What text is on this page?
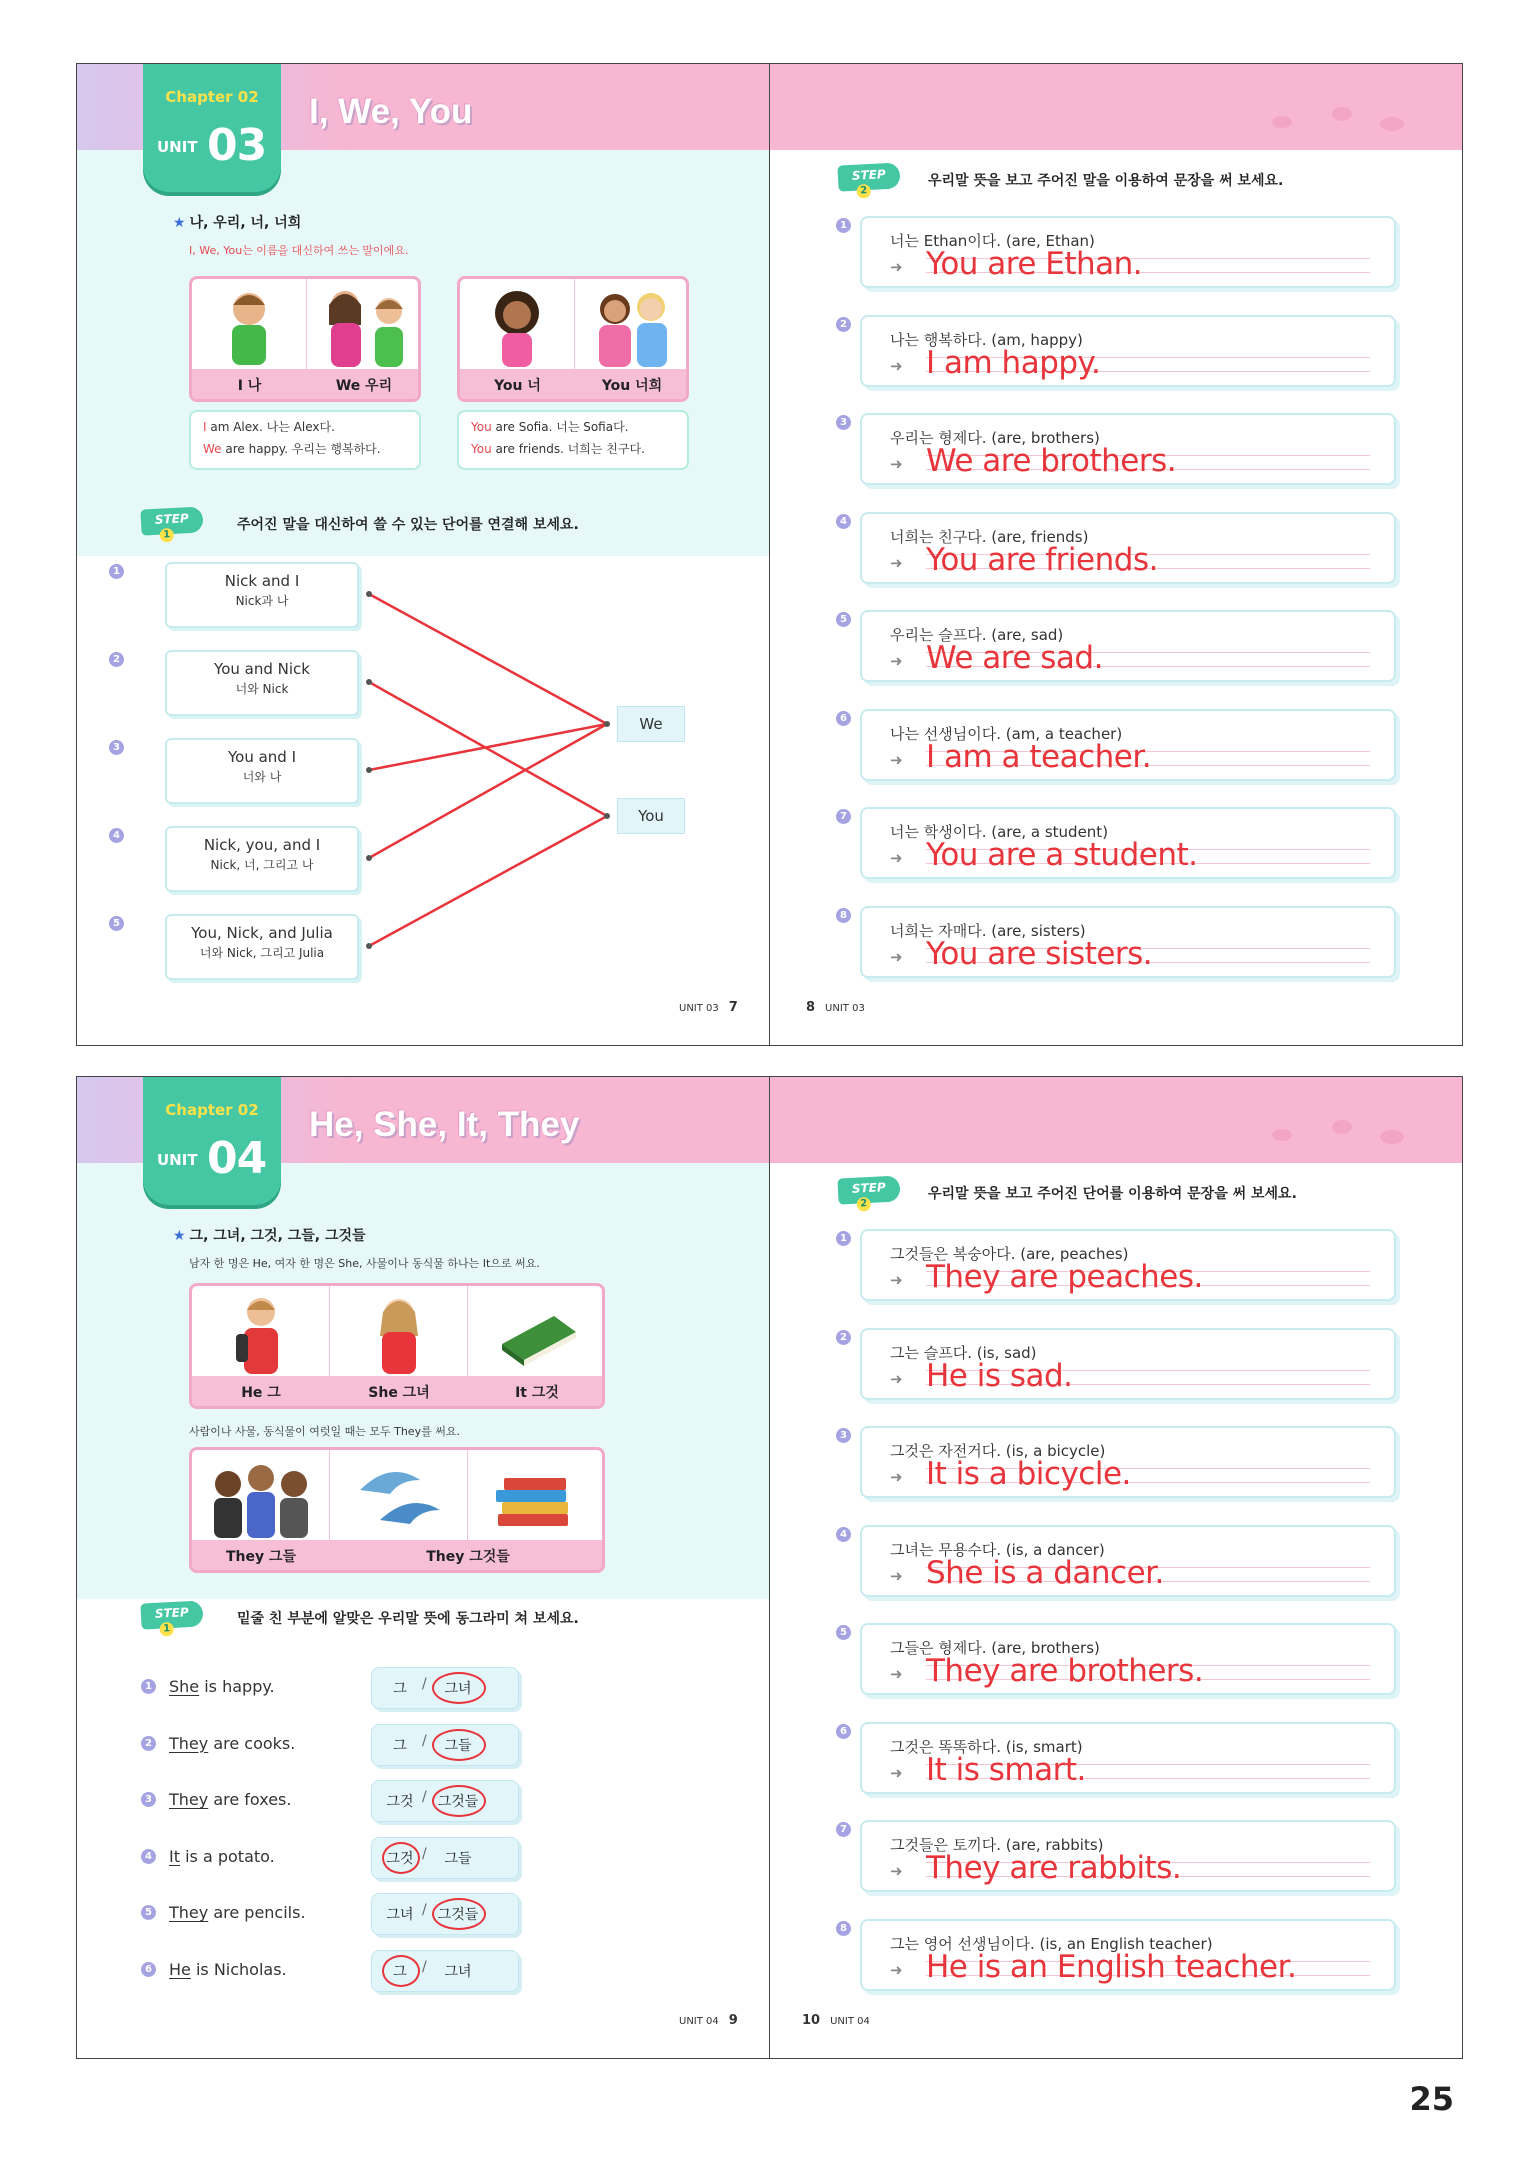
Chapter 02
UNIT 03
I, We, You
★ 나, 우리, 너, 너희
I, We, You는 이름을 대신하여 쓰는 말이에요.
I 나	We 우리	You 너	You 너희
I am Alex. 나는 Alex다.
We are happy. 우리는 행복하다.
You are Sofia. 너는 Sofia다.
You are friends. 너희는 친구다.
STEP1
주어진 말을 대신하여 쓸 수 있는 단어를 연결해 보세요.
1
Nick and I
Nick과 나
2
You and Nick
너와 Nick
3
You and I
너와 나
4
Nick, you, and I
Nick, 너, 그리고 나
5
You, Nick, and Julia
너와 Nick, 그리고 Julia
We
You
UNIT 03 7
STEP2
우리말 뜻을 보고 주어진 말을 이용하여 문장을 써 보세요.
1
너는 Ethan이다. (are, Ethan)
➜ You are Ethan.
2
나는 행복하다. (am, happy)
➜ I am happy.
3
우리는 형제다. (are, brothers)
➜ We are brothers.
4
너희는 친구다. (are, friends)
➜ You are friends.
5
우리는 슬프다. (are, sad)
➜ We are sad.
6
나는 선생님이다. (am, a teacher)
➜ I am a teacher.
7
너는 학생이다. (are, a student)
➜ You are a student.
8
너희는 자매다. (are, sisters)
➜ You are sisters.
8 UNIT 03
Chapter 02
UNIT 04
He, She, It, They
★ 그, 그녀, 그것, 그들, 그것들
남자 한 명은 He, 여자 한 명은 She, 사물이나 동식물 하나는 It으로 써요.
He 그	She 그녀	It 그것
사람이나 사물, 동식물이 여럿일 때는 모두 They를 써요.
They 그들	They 그것들
STEP1
밑줄 친 부분에 알맞은 우리말 뜻에 동그라미 쳐 보세요.
1 She is happy.	그	/	그녀
2 They are cooks.	그	/	그들
3 They are foxes.	그것 / 그것들
4 It is a potato.	그것 /	그들
5 They are pencils.	그녀 / 그것들
6 He is Nicholas.	그	/	그녀
UNIT 04 9
STEP2
우리말 뜻을 보고 주어진 단어를 이용하여 문장을 써 보세요.
1
그것들은 복숭아다. (are, peaches)
➜ They are peaches.
2
그는 슬프다. (is, sad)
➜ He is sad.
3
그것은 자전거다. (is, a bicycle)
➜ It is a bicycle.
4
그녀는 무용수다. (is, a dancer)
➜ She is a dancer.
5
그들은 형제다. (are, brothers)
➜ They are brothers.
6
그것은 똑똑하다. (is, smart)
➜ It is smart.
7
그것들은 토끼다. (are, rabbits)
➜ They are rabbits.
8
그는 영어 선생님이다. (is, an English teacher)
➜ He is an English teacher.
10 UNIT 04
25
